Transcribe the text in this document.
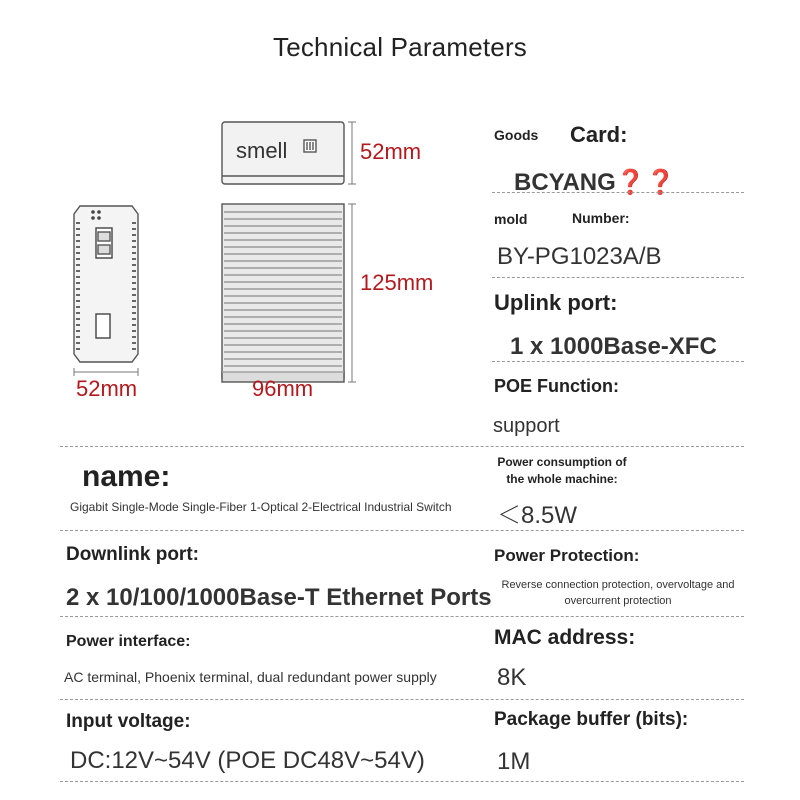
Technical Parameters
smell	52mm
125mm
52mm	96mm
Goods Card:
BCYANG❓❓
mold	Number:
BY-PG1023A/B
Uplink port:
1 x 1000Base-XFC
POE Function:
support
Power consumption of the whole machine:
＜8.5W
Power Protection:
Reverse connection protection, overvoltage and overcurrent protection
MAC address:
8K
Package buffer (bits):
1M
name:
Gigabit Single-Mode Single-Fiber 1-Optical 2-Electrical Industrial Switch
Downlink port:
2 x 10/100/1000Base-T Ethernet Ports
Power interface:
AC terminal, Phoenix terminal, dual redundant power supply
Input voltage:
DC:12V~54V (POE DC48V~54V)
